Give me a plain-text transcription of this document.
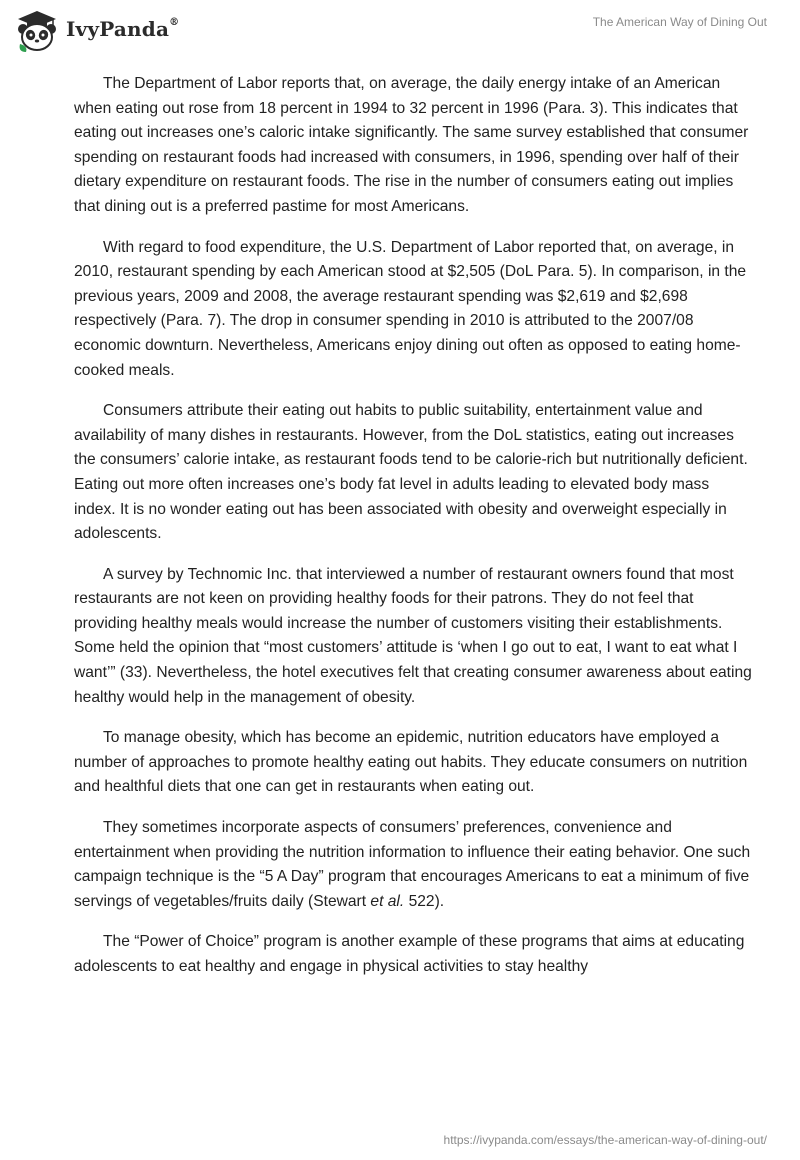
IvyPanda®	The American Way of Dining Out

The Department of Labor reports that, on average, the daily energy intake of an American when eating out rose from 18 percent in 1994 to 32 percent in 1996 (Para. 3). This indicates that eating out increases one’s caloric intake significantly. The same survey established that consumer spending on restaurant foods had increased with consumers, in 1996, spending over half of their dietary expenditure on restaurant foods. The rise in the number of consumers eating out implies that dining out is a preferred pastime for most Americans.

With regard to food expenditure, the U.S. Department of Labor reported that, on average, in 2010, restaurant spending by each American stood at $2,505 (DoL Para. 5). In comparison, in the previous years, 2009 and 2008, the average restaurant spending was $2,619 and $2,698 respectively (Para. 7). The drop in consumer spending in 2010 is attributed to the 2007/08 economic downturn. Nevertheless, Americans enjoy dining out often as opposed to eating home-cooked meals.

Consumers attribute their eating out habits to public suitability, entertainment value and availability of many dishes in restaurants. However, from the DoL statistics, eating out increases the consumers’ calorie intake, as restaurant foods tend to be calorie-rich but nutritionally deficient. Eating out more often increases one’s body fat level in adults leading to elevated body mass index. It is no wonder eating out has been associated with obesity and overweight especially in adolescents.

A survey by Technomic Inc. that interviewed a number of restaurant owners found that most restaurants are not keen on providing healthy foods for their patrons. They do not feel that providing healthy meals would increase the number of customers visiting their establishments. Some held the opinion that “most customers’ attitude is ‘when I go out to eat, I want to eat what I want’” (33). Nevertheless, the hotel executives felt that creating consumer awareness about eating healthy would help in the management of obesity.

To manage obesity, which has become an epidemic, nutrition educators have employed a number of approaches to promote healthy eating out habits. They educate consumers on nutrition and healthful diets that one can get in restaurants when eating out.

They sometimes incorporate aspects of consumers’ preferences, convenience and entertainment when providing the nutrition information to influence their eating behavior. One such campaign technique is the “5 A Day” program that encourages Americans to eat a minimum of five servings of vegetables/fruits daily (Stewart et al. 522).

The “Power of Choice” program is another example of these programs that aims at educating adolescents to eat healthy and engage in physical activities to stay healthy

https://ivypanda.com/essays/the-american-way-of-dining-out/
